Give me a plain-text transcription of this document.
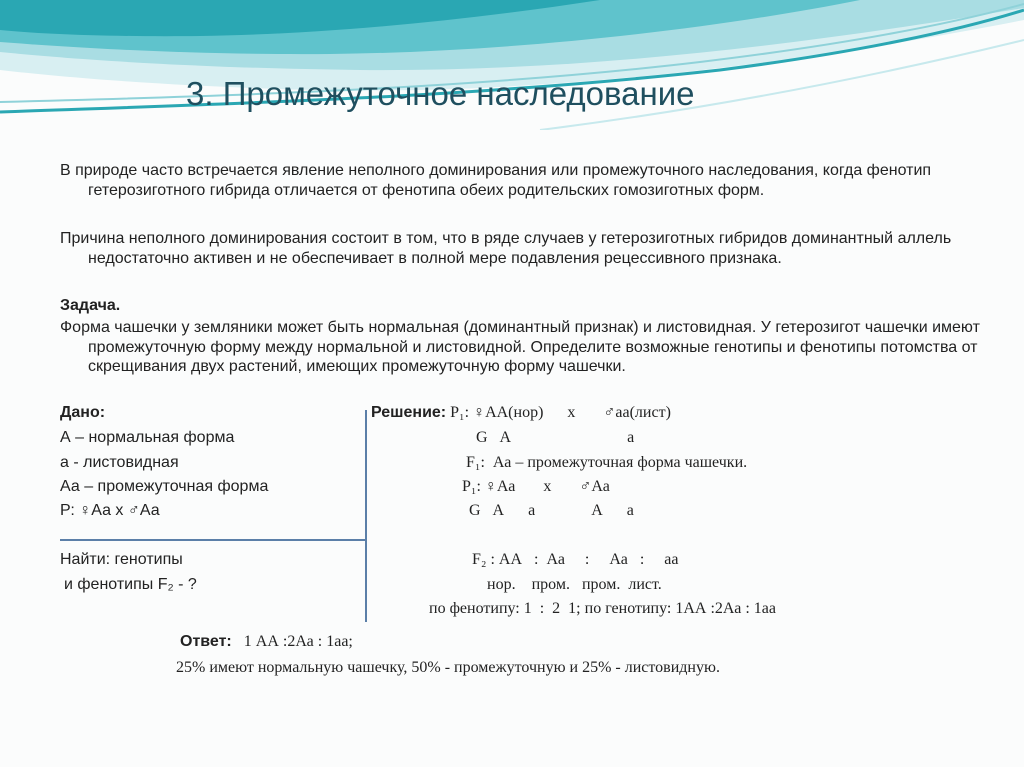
3. Промежуточное наследование
В природе часто встречается явление неполного доминирования или промежуточного наследования, когда фенотип гетерозиготного гибрида отличается от фенотипа обеих родительских гомозиготных форм.
Причина неполного доминирования состоит в том, что в ряде случаев у гетерозиготных гибридов доминантный аллель недостаточно активен и не обеспечивает в полной мере подавления рецессивного признака.
Задача.
Форма чашечки у земляники может быть нормальная (доминантный признак) и листовидная. У гетерозигот чашечки имеют промежуточную форму между нормальной и листовидной. Определите возможные генотипы и фенотипы потомства от скрещивания двух растений, имеющих промежуточную форму чашечки.
Дано:
А – нормальная форма
а - листовидная
Аа – промежуточная форма
Р: ♀Аа х ♂Аа
Найти: генотипы
и фенотипы F₂ - ?
Решение: Р₁: ♀АА(нор)      х       ♂аа(лист)
G   А                             а
F₁:  Аа – промежуточная форма чашечки.
Р₁: ♀Аа       х       ♂Аа
G   А      а              А      а
F₂ : АА   :  Аа     :     Аа   :     аа
нор.    пром.   пром.  лист.
по фенотипу: 1  :  2  1; по генотипу: 1АА :2Аа : 1аа
Ответ:   1 АА :2Аа : 1аа;
25% имеют нормальную чашечку, 50% - промежуточную и 25% - листовидную.
